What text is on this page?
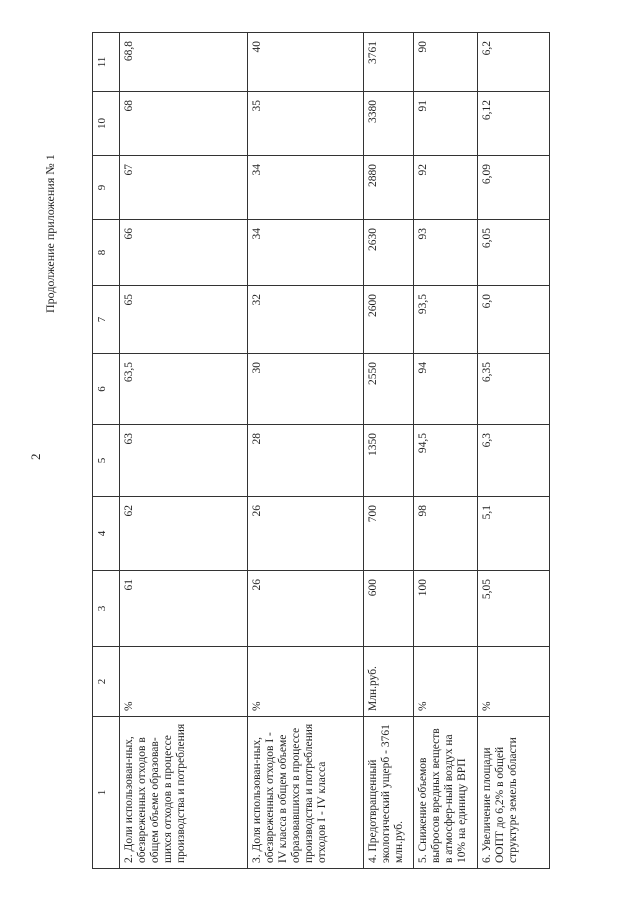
2
Продолжение приложения № 1
1	2	3	4	5	6	7	8	9	10	11
2. Доли использован-ных, обезвреженных отходов в общем объеме образовав-шихся отходов в процессе производства и потребления	%	61	62	63	63,5	65	66	67	68	68,8
3. Доля использован-ных, обезвреженных отходов I - IV класса в общем объеме образовавшихся в процессе производства и потребления отходов I - IV класса	%	26	26	28	30	32	34	34	35	40
4. Предотвращенный экологический ущерб - 3761 млн.руб.	Млн.руб.	600	700	1350	2550	2600	2630	2880	3380	3761
5. Снижение объемов выбросов вредных веществ в атмосфер-ный воздух на 10% на единицу ВРП	%	100	98	94,5	94	93,5	93	92	91	90
6. Увеличение площади ООПТ до 6,2% в общей структуре земель области	%	5,05	5,1	6,3	6,35	6,0	6,05	6,09	6,12	6,2
